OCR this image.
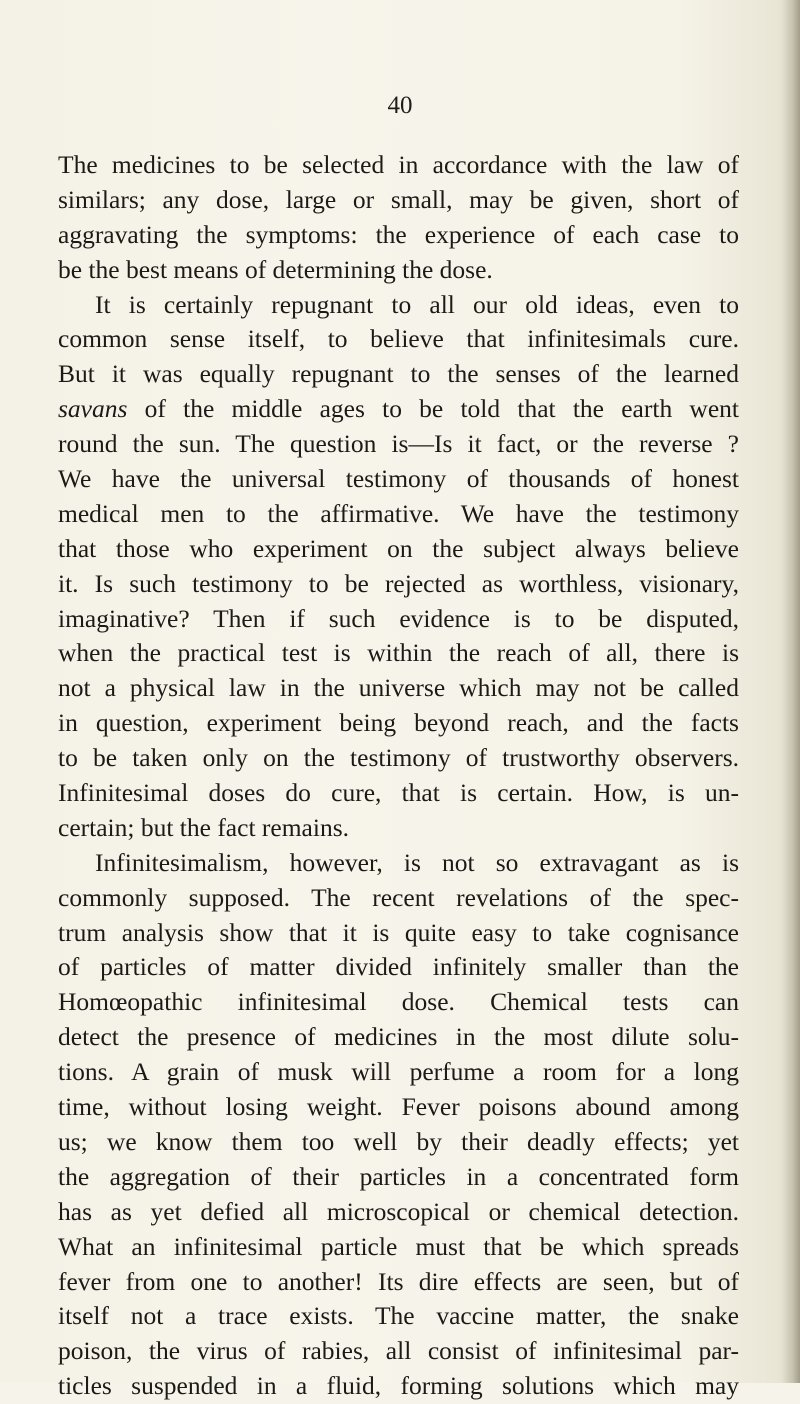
40

The medicines to be selected in accordance with the law of
similars; any dose, large or small, may be given, short of
aggravating the symptoms: the experience of each case to
be the best means of determining the dose.
It is certainly repugnant to all our old ideas, even to
common sense itself, to believe that infinitesimals cure.
But it was equally repugnant to the senses of the learned
savans of the middle ages to be told that the earth went
round the sun. The question is—Is it fact, or the reverse ?
We have the universal testimony of thousands of honest
medical men to the affirmative. We have the testimony
that those who experiment on the subject always believe
it. Is such testimony to be rejected as worthless, visionary,
imaginative? Then if such evidence is to be disputed,
when the practical test is within the reach of all, there is
not a physical law in the universe which may not be called
in question, experiment being beyond reach, and the facts
to be taken only on the testimony of trustworthy observers.
Infinitesimal doses do cure, that is certain. How, is un-
certain; but the fact remains.
Infinitesimalism, however, is not so extravagant as is
commonly supposed. The recent revelations of the spec-
trum analysis show that it is quite easy to take cognisance
of particles of matter divided infinitely smaller than the
Homœopathic infinitesimal dose. Chemical tests can
detect the presence of medicines in the most dilute solu-
tions. A grain of musk will perfume a room for a long
time, without losing weight. Fever poisons abound among
us; we know them too well by their deadly effects; yet
the aggregation of their particles in a concentrated form
has as yet defied all microscopical or chemical detection.
What an infinitesimal particle must that be which spreads
fever from one to another! Its dire effects are seen, but of
itself not a trace exists. The vaccine matter, the snake
poison, the virus of rabies, all consist of infinitesimal par-
ticles suspended in a fluid, forming solutions which may
